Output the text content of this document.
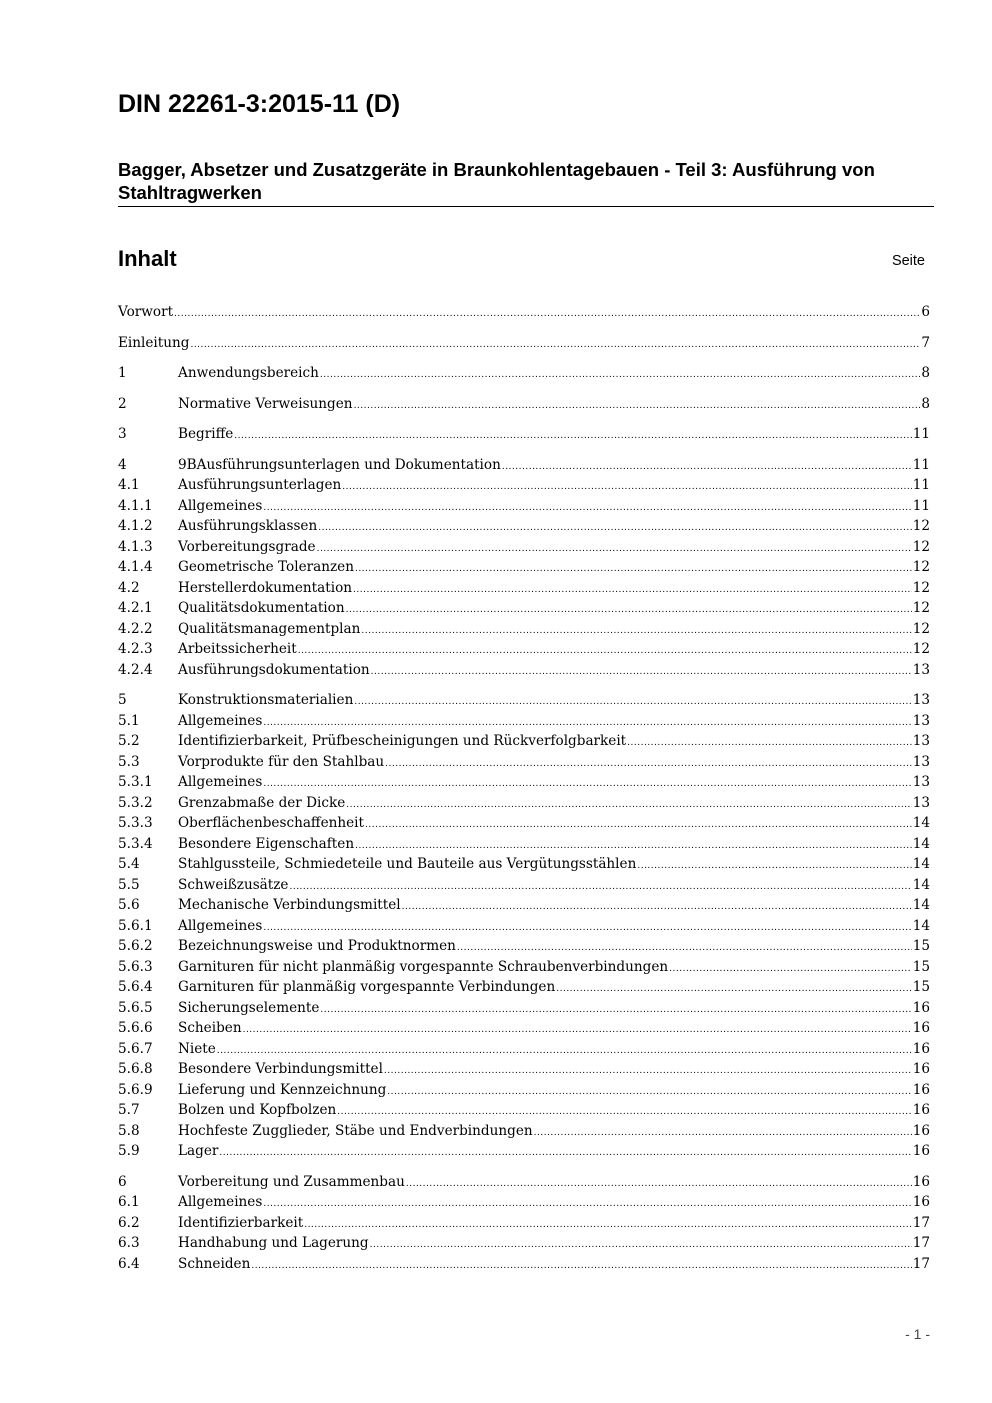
DIN 22261-3:2015-11 (D)
Bagger, Absetzer und Zusatzgeräte in Braunkohlentagebauen - Teil 3: Ausführung von Stahltragwerken
Inhalt	Seite
Vorwort .....	6
Einleitung .....	7
1	Anwendungsbereich .....	8
2	Normative Verweisungen .....	8
3	Begriffe .....	11
4	9BAusführungsunterlagen und Dokumentation .....	11
4.1	Ausführungsunterlagen .....	11
4.1.1	Allgemeines .....	11
4.1.2	Ausführungsklassen .....	12
4.1.3	Vorbereitungsgrade .....	12
4.1.4	Geometrische Toleranzen .....	12
4.2	Herstellerdokumentation .....	12
4.2.1	Qualitätsdokumentation .....	12
4.2.2	Qualitätsmanagementplan .....	12
4.2.3	Arbeitssicherheit .....	12
4.2.4	Ausführungsdokumentation .....	13
5	Konstruktionsmaterialien .....	13
5.1	Allgemeines .....	13
5.2	Identifizierbarkeit, Prüfbescheinigungen und Rückverfolgbarkeit .....	13
5.3	Vorprodukte für den Stahlbau .....	13
5.3.1	Allgemeines .....	13
5.3.2	Grenzabmaße der Dicke .....	13
5.3.3	Oberflächenbeschaffenheit .....	14
5.3.4	Besondere Eigenschaften .....	14
5.4	Stahlgussteile, Schmiedeteile und Bauteile aus Vergütungsstählen .....	14
5.5	Schweißzusätze .....	14
5.6	Mechanische Verbindungsmittel .....	14
5.6.1	Allgemeines .....	14
5.6.2	Bezeichnungsweise und Produktnormen .....	15
5.6.3	Garnituren für nicht planmäßig vorgespannte Schraubenverbindungen .....	15
5.6.4	Garnituren für planmäßig vorgespannte Verbindungen .....	15
5.6.5	Sicherungselemente .....	16
5.6.6	Scheiben .....	16
5.6.7	Niete .....	16
5.6.8	Besondere Verbindungsmittel .....	16
5.6.9	Lieferung und Kennzeichnung .....	16
5.7	Bolzen und Kopfbolzen .....	16
5.8	Hochfeste Zugglieder, Stäbe und Endverbindungen .....	16
5.9	Lager .....	16
6	Vorbereitung und Zusammenbau .....	16
6.1	Allgemeines .....	16
6.2	Identifizierbarkeit .....	17
6.3	Handhabung und Lagerung .....	17
6.4	Schneiden .....	17
- 1 -
